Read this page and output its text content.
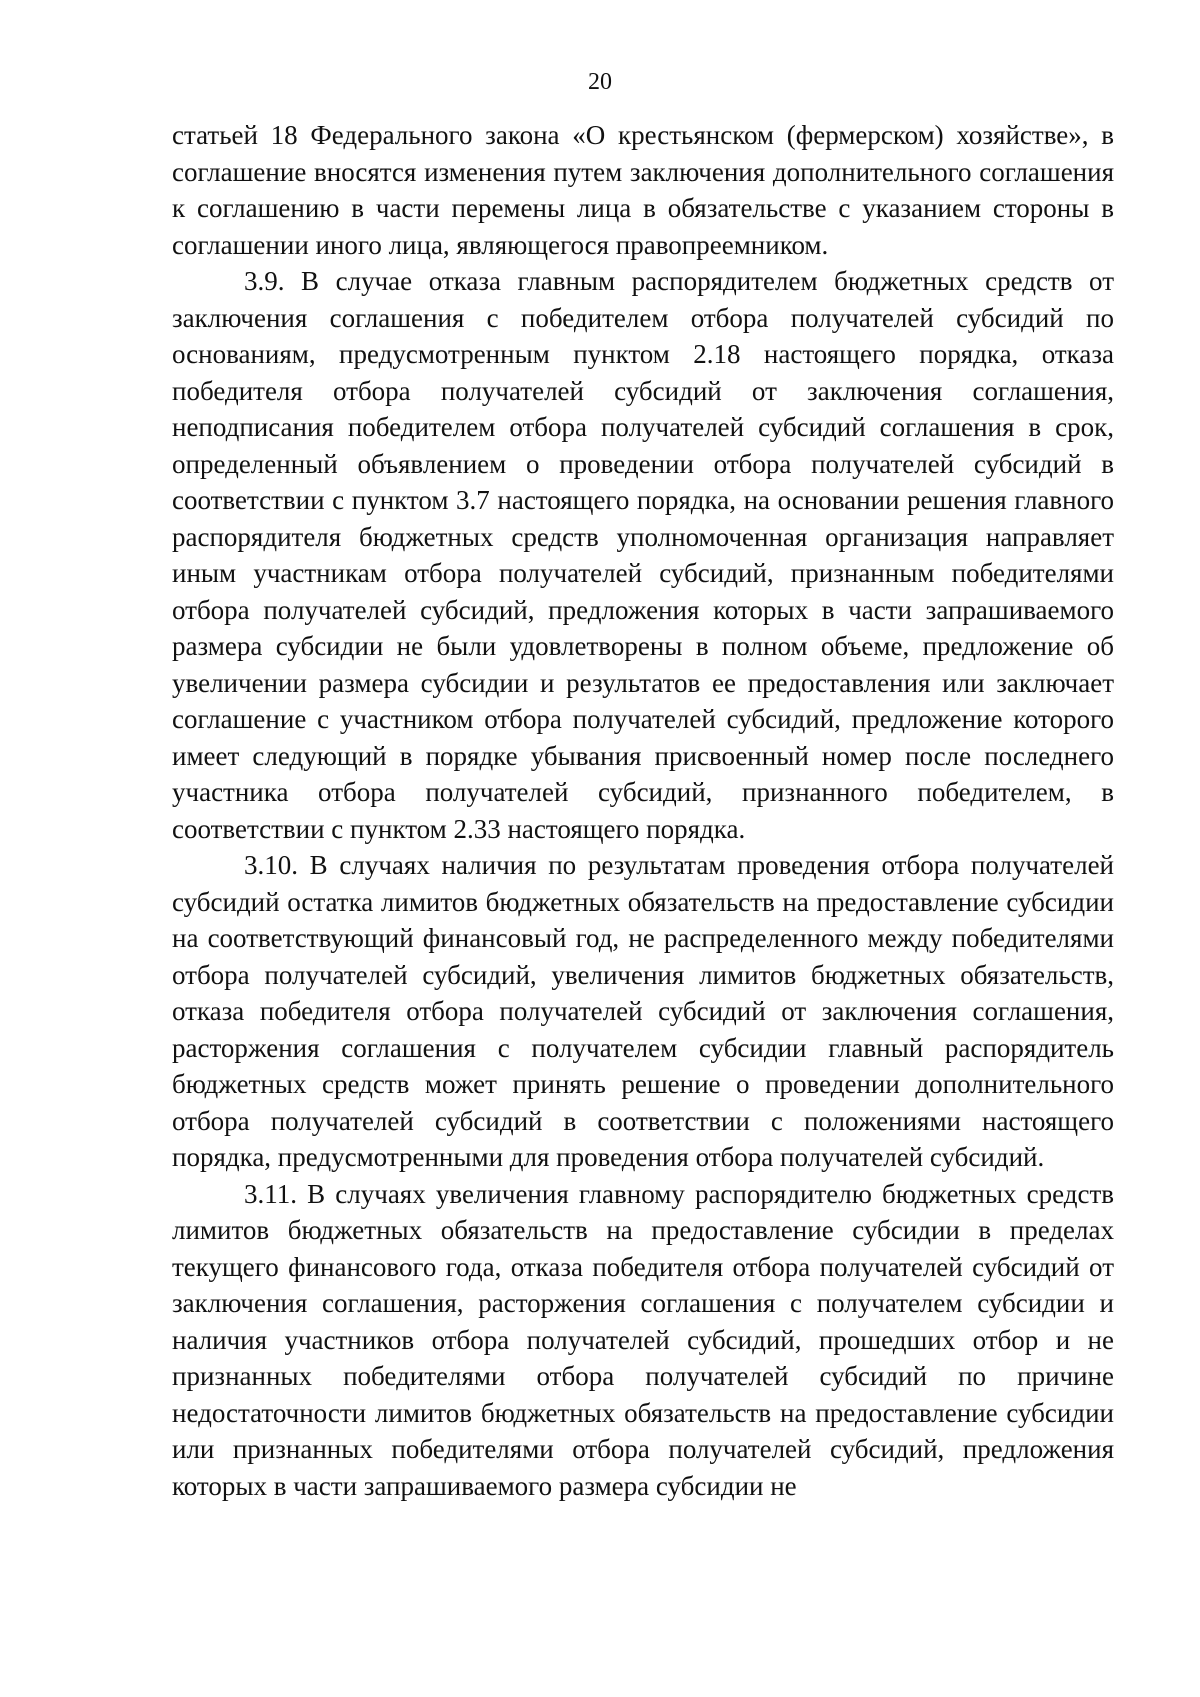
20

статьей 18 Федерального закона «О крестьянском (фермерском) хозяйстве», в соглашение вносятся изменения путем заключения дополнительного соглашения к соглашению в части перемены лица в обязательстве с указанием стороны в соглашении иного лица, являющегося правопреемником.

3.9. В случае отказа главным распорядителем бюджетных средств от заключения соглашения с победителем отбора получателей субсидий по основаниям, предусмотренным пунктом 2.18 настоящего порядка, отказа победителя отбора получателей субсидий от заключения соглашения, неподписания победителем отбора получателей субсидий соглашения в срок, определенный объявлением о проведении отбора получателей субсидий в соответствии с пунктом 3.7 настоящего порядка, на основании решения главного распорядителя бюджетных средств уполномоченная организация направляет иным участникам отбора получателей субсидий, признанным победителями отбора получателей субсидий, предложения которых в части запрашиваемого размера субсидии не были удовлетворены в полном объеме, предложение об увеличении размера субсидии и результатов ее предоставления или заключает соглашение с участником отбора получателей субсидий, предложение которого имеет следующий в порядке убывания присвоенный номер после последнего участника отбора получателей субсидий, признанного победителем, в соответствии с пунктом 2.33 настоящего порядка.

3.10. В случаях наличия по результатам проведения отбора получателей субсидий остатка лимитов бюджетных обязательств на предоставление субсидии на соответствующий финансовый год, не распределенного между победителями отбора получателей субсидий, увеличения лимитов бюджетных обязательств, отказа победителя отбора получателей субсидий от заключения соглашения, расторжения соглашения с получателем субсидии главный распорядитель бюджетных средств может принять решение о проведении дополнительного отбора получателей субсидий в соответствии с положениями настоящего порядка, предусмотренными для проведения отбора получателей субсидий.

3.11. В случаях увеличения главному распорядителю бюджетных средств лимитов бюджетных обязательств на предоставление субсидии в пределах текущего финансового года, отказа победителя отбора получателей субсидий от заключения соглашения, расторжения соглашения с получателем субсидии и наличия участников отбора получателей субсидий, прошедших отбор и не признанных победителями отбора получателей субсидий по причине недостаточности лимитов бюджетных обязательств на предоставление субсидии или признанных победителями отбора получателей субсидий, предложения которых в части запрашиваемого размера субсидии не
